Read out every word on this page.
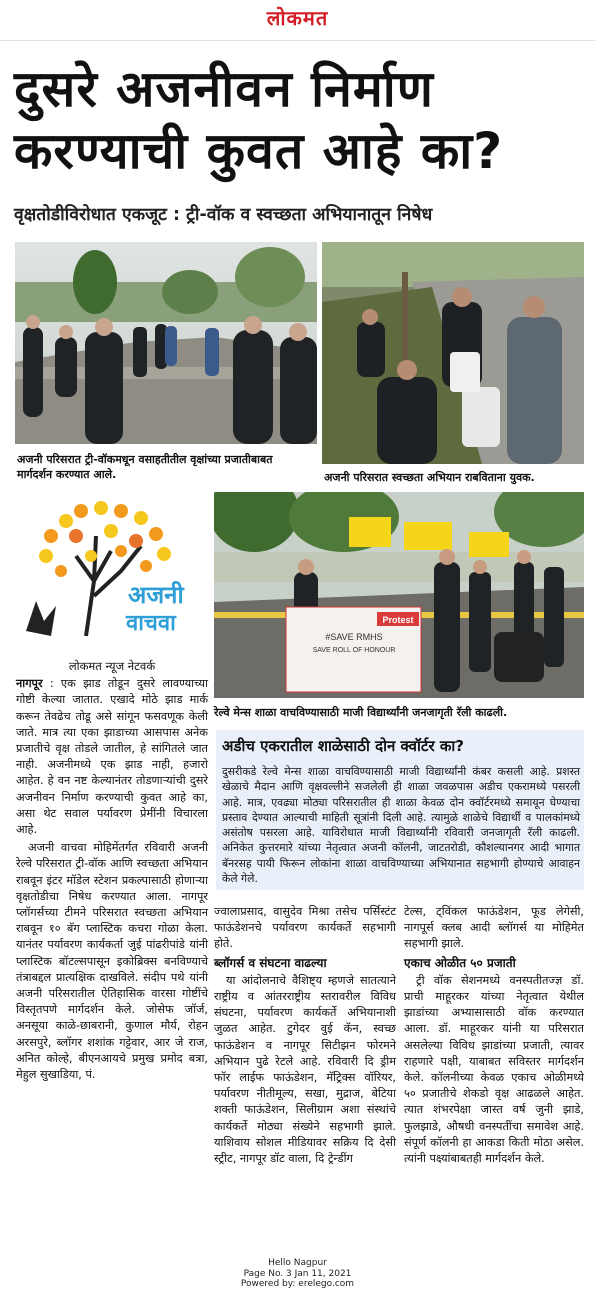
लोकमत
दुसरे अजनीवन निर्माण
करण्याची कुवत आहे का?
वृक्षतोडीविरोधात एकजूट : ट्री-वॉक व स्वच्छता अभियानातून निषेध
अजनी परिसरात ट्री-वॉकमधून वसाहतीतील वृक्षांच्या प्रजातीबाबत मार्गदर्शन करण्यात आले.	अजनी परिसरात स्वच्छता अभियान राबविताना युवक.
अजनी
वाचवा
#SAVE RMHS
SAVE ROLL OF HONOUR
Protest
रेल्वे मेन्स शाळा वाचविण्यासाठी माजी विद्यार्थ्यांनी जनजागृती रॅली काढली.
अडीच एकरातील शाळेसाठी दोन क्वॉर्टर का?
दुसरीकडे रेल्वे मेन्स शाळा वाचविण्यासाठी माजी विद्यार्थ्यांनी कंबर कसली आहे. प्रशस्त खेळाचे मैदान आणि वृक्षवल्लीने सजलेली ही शाळा जवळपास अडीच एकरामध्ये पसरली आहे. मात्र, एवढ्या मोठ्या परिसरातील ही शाळा केवळ दोन क्वॉर्टरमध्ये समायून घेण्याचा प्रस्ताव देण्यात आल्याची माहिती सूत्रांनी दिली आहे. त्यामुळे शाळेचे विद्यार्थी व पालकांमध्ये असंतोष पसरला आहे. याविरोधात माजी विद्यार्थ्यांनी रविवारी जनजागृती रॅली काढली. अनिकेत कुत्तरमारे यांच्या नेतृत्वात अजनी कॉलनी, जाटतरोडी, कौशल्यानगर आदी भागात बॅनरसह पायी फिरून लोकांना शाळा वाचविण्याच्या अभियानात सहभागी होण्याचे आवाहन केले गेले.
लोकमत न्यूज नेटवर्क

नागपूर : एक झाड तोडून दुसरे लावण्याच्या गोष्टी केल्या जातात. एखादे मोठे झाड मार्क करून तेवढेच तोडू असे सांगून फसवणूक केली जाते. मात्र त्या एका झाडाच्या आसपास अनेक प्रजातीचे वृक्ष तोडले जातील, हे सांगितले जात नाही. अजनीमध्ये एक झाड नाही, हजारो आहेत. हे वन नष्ट केल्यानंतर तोडणाऱ्यांची दुसरे अजनीवन निर्माण करण्याची कुवत आहे का, असा थेट सवाल पर्यावरण प्रेमींनी विचारला आहे.

अजनी वाचवा मोहिमेंतर्गत रविवारी अजनी रेल्वे परिसरात ट्री-वॉक आणि स्वच्छता अभियान राबवून इंटर मॉडेल स्टेशन प्रकल्पासाठी होणाऱ्या वृक्षतोडीचा निषेध करण्यात आला. नागपूर प्लॉगर्सच्या टीमने परिसरात स्वच्छता अभियान राबवून १० बॅग प्लास्टिक कचरा गोळा केला. यानंतर पर्यावरण कार्यकर्ता जुई पांढरीपांडे यांनी प्लास्टिक बॉटल्सपासून इकोब्रिक्स बनविण्याचे तंत्राबद्दल प्रात्यक्षिक दाखविले. संदीप पथे यांनी अजनी परिसरातील ऐतिहासिक वारसा गोष्टींचे विस्तृतपणे मार्गदर्शन केले. जोसेफ जॉर्ज, अनसूया काळे-छाबरानी, कुणाल मौर्य, रोहन अरसपुरे, ब्लॉगर शशांक गट्टेवार, आर जे राज, अनित कोल्हे, बीएनआयचे प्रमुख प्रमोद बत्रा, मेहुल सुखाडिया, पं.

ज्वालाप्रसाद, वासुदेव मिश्रा तसेच पर्सिस्टंट फाऊंडेशनचे पर्यावरण कार्यकर्ते सहभागी होते.

ब्लॉगर्स व संघटना वाढल्या

या आंदोलनाचे वैशिष्ट्य म्हणजे सातत्याने राष्ट्रीय व आंतरराष्ट्रीय स्तरावरील विविध संघटना, पर्यावरण कार्यकर्ते अभियानाशी जुळत आहेत. टुगेदर वुई कॅन, स्वच्छ फाऊंडेशन व नागपूर सिटीझन फोरमने अभियान पुढे रेटले आहे. रविवारी दि ड्रीम फॉर लाईफ फाऊंडेशन, मॅट्रिक्स वॉरियर, पर्यावरण नीतीमूल्य, सखा, मुद्राज, बेटिया शक्ती फाऊंडेशन, सिलीग्राम अशा संस्थांचे कार्यकर्ते मोठ्या संख्येने सहभागी झाले. याशिवाय सोशल मीडियावर सक्रिय दि देसी स्ट्रीट, नागपूर डॉट वाला, दि ट्रेन्डींग

टेल्स, ट्विंकल फाऊंडेशन, फूड लेगेसी, नागपूर्स क्लब आदी ब्लॉगर्स या मोहिमेत सहभागी झाले.

एकाच ओळीत ५० प्रजाती

ट्री वॉक सेशनमध्ये वनस्पतीतज्ज्ञ डॉ. प्राची माहूरकर यांच्या नेतृत्वात येथील झाडांच्या अभ्यासासाठी वॉक करण्यात आला. डॉ. माहूरकर यांनी या परिसरात असलेल्या विविध झाडांच्या प्रजाती, त्यावर राहणारे पक्षी, याबाबत सविस्तर मार्गदर्शन केले. कॉलनीच्या केवळ एकाच ओळीमध्ये ५० प्रजातीचे शेकडो वृक्ष आढळले आहेत. त्यात शंभरपेक्षा जास्त वर्ष जुनी झाडे, फुलझाडे, औषधी वनस्पतींचा समावेश आहे. संपूर्ण कॉलनी हा आकडा किती मोठा असेल. त्यांनी पक्ष्यांबाबतही मार्गदर्शन केले.

Hello Nagpur
Page No. 3 Jan 11, 2021
Powered by: erelego.com
